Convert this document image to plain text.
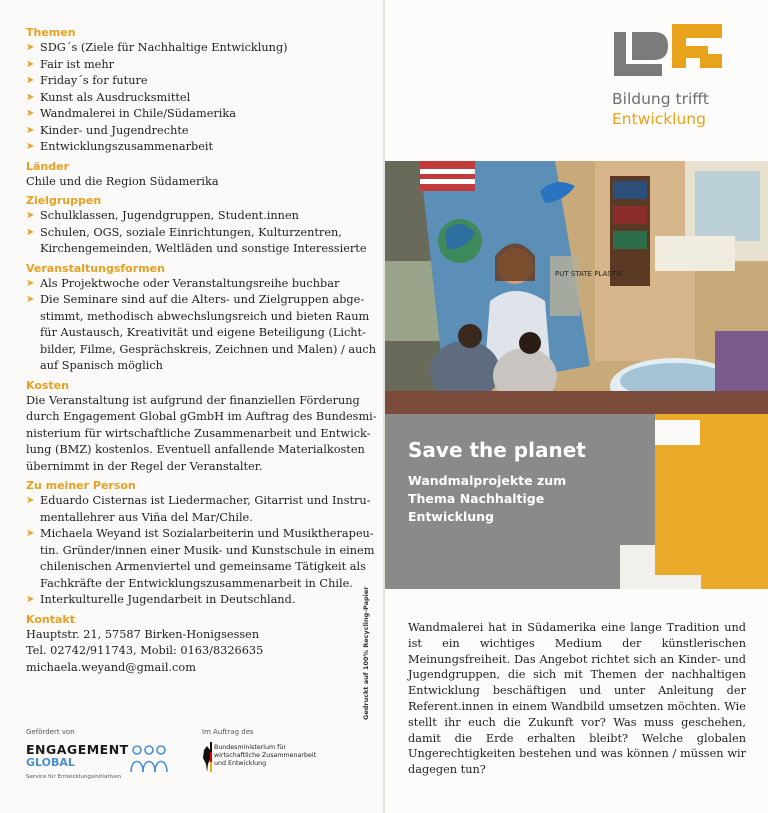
Themen

➤ SDG´s (Ziele für Nachhaltige Entwicklung)

➤ Fair ist mehr

➤ Friday´s for future

➤ Kunst als Ausdrucksmittel

➤ Wandmalerei in Chile/Südamerika

➤ Kinder- und Jugendrechte

➤ Entwicklungszusammenarbeit

Länder

Chile und die Region Südamerika

Zielgruppen

➤ Schulklassen, Jugendgruppen, Student.innen

➤ Schulen, OGS, soziale Einrichtungen, Kulturzentren,
Kirchengemeinden, Weltläden und sonstige Interessierte

Veranstaltungsformen

➤ Als Projektwoche oder Veranstaltungsreihe buchbar

➤ Die Seminare sind auf die Alters- und Zielgruppen abge-
stimmt, methodisch abwechslungsreich und bieten Raum
für Austausch, Kreativität und eigene Beteiligung (Licht-
bilder, Filme, Gesprächskreis, Zeichnen und Malen) / auch
auf Spanisch möglich

Kosten

Die Veranstaltung ist aufgrund der finanziellen Förderung

durch Engagement Global gGmbH im Auftrag des Bundesmi-

nisterium für wirtschaftliche Zusammenarbeit und Entwick-

lung (BMZ) kostenlos. Eventuell anfallende Materialkosten

übernimmt in der Regel der Veranstalter.

Zu meiner Person

➤ Eduardo Cisternas ist Liedermacher, Gitarrist und Instru-
mentallehrer aus Viña del Mar/Chile.

➤ Michaela Weyand ist Sozialarbeiterin und Musiktherapeu-
tin. Gründer/innen einer Musik- und Kunstschule in einem
chilenischen Armenviertel und gemeinsame Tätigkeit als
Fachkräfte der Entwicklungszusammenarbeit in Chile.

➤ Interkulturelle Jugendarbeit in Deutschland.

Kontakt

Hauptstr. 21, 57587 Birken-Honigsessen

Tel. 02742/911743, Mobil: 0163/8326635

michaela.weyand@gmail.com

Gefördert von
ENGAGEMENT
GLOBAL
Service für Entwicklungsinitiativen
Im Auftrag des
Bundesministerium für
wirtschaftliche Zusammenarbeit
und Entwicklung
Gedruckt auf 100% Recycling-Papier
Bildung trifft
Entwicklung
PUT STATE PLASTIK
Save the planet
Wandmalprojekte zum
Thema Nachhaltige
Entwicklung
Wandmalerei hat in Südamerika eine lange Tradition und ist ein wichtiges Medium der künstlerischen Meinungsfreiheit. Das Angebot richtet sich an Kinder- und Jugendgruppen, die sich mit Themen der nachhaltigen Entwicklung beschäftigen und unter Anleitung der Referent.innen in einem Wandbild umsetzen möchten. Wie stellt ihr euch die Zukunft vor? Was muss geschehen, damit die Erde erhalten bleibt? Welche globalen Ungerechtigkeiten bestehen und was können / müssen wir dagegen tun?
